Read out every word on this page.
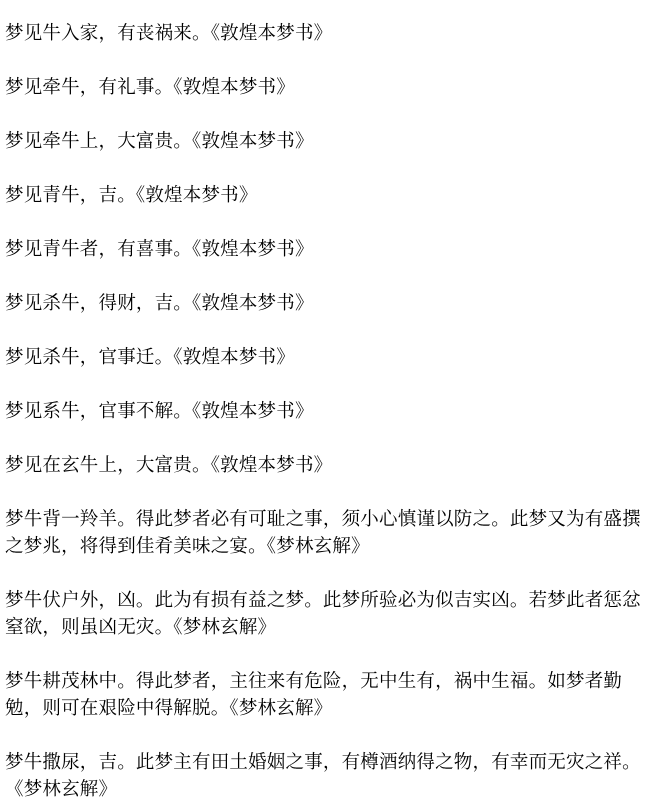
梦见牛入家，有丧祸来。《敦煌本梦书》

梦见牵牛，有礼事。《敦煌本梦书》

梦见牵牛上，大富贵。《敦煌本梦书》

梦见青牛，吉。《敦煌本梦书》

梦见青牛者，有喜事。《敦煌本梦书》

梦见杀牛，得财，吉。《敦煌本梦书》

梦见杀牛，官事迁。《敦煌本梦书》

梦见系牛，官事不解。《敦煌本梦书》

梦见在玄牛上，大富贵。《敦煌本梦书》

梦牛背一羚羊。得此梦者必有可耻之事，须小心慎谨以防之。此梦又为有盛撰之梦兆，将得到佳肴美味之宴。《梦林玄解》

梦牛伏户外，凶。此为有损有益之梦。此梦所验必为似吉实凶。若梦此者惩忿窒欲，则虽凶无灾。《梦林玄解》

梦牛耕茂林中。得此梦者，主往来有危险，无中生有，祸中生福。如梦者勤勉，则可在艰险中得解脱。《梦林玄解》

梦牛撒尿，吉。此梦主有田土婚姻之事，有樽酒纳得之物，有幸而无灾之祥。《梦林玄解》
